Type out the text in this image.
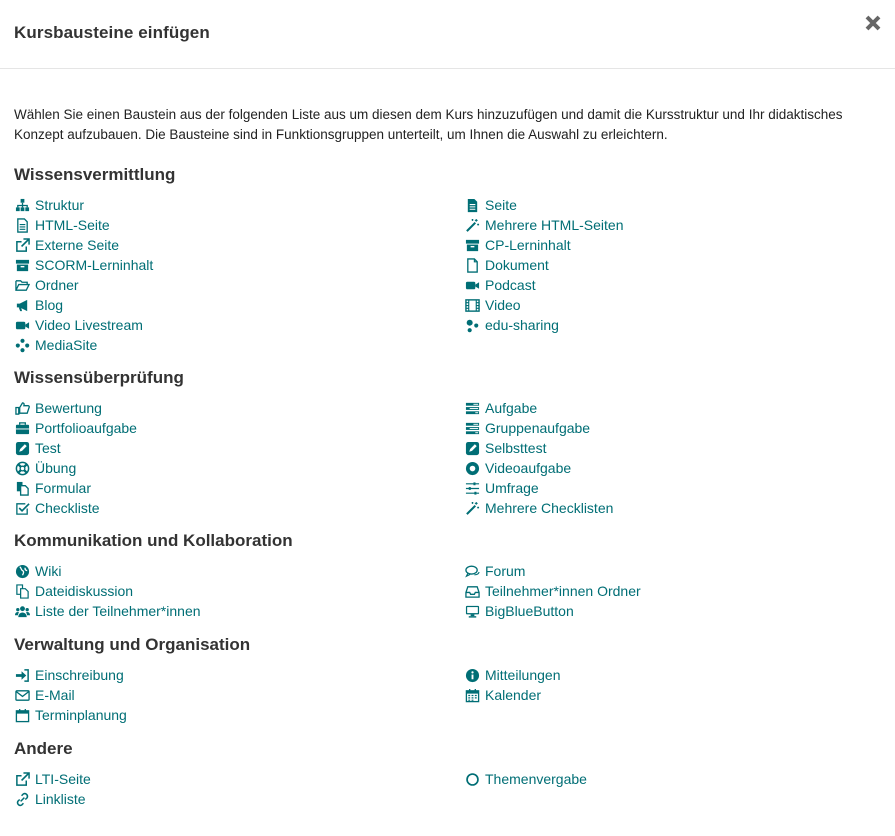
Kursbausteine einfügen
Wählen Sie einen Baustein aus der folgenden Liste aus um diesen dem Kurs hinzuzufügen und damit die Kursstruktur und Ihr didaktisches Konzept aufzubauen. Die Bausteine sind in Funktionsgruppen unterteilt, um Ihnen die Auswahl zu erleichtern.
Wissensvermittlung
Struktur
HTML-Seite
Externe Seite
SCORM-Lerninhalt
Ordner
Blog
Video Livestream
MediaSite
Seite
Mehrere HTML-Seiten
CP-Lerninhalt
Dokument
Podcast
Video
edu-sharing
Wissensüberprüfung
Bewertung
Portfolioaufgabe
Test
Übung
Formular
Checkliste
Aufgabe
Gruppenaufgabe
Selbsttest
Videoaufgabe
Umfrage
Mehrere Checklisten
Kommunikation und Kollaboration
Wiki
Dateidiskussion
Liste der Teilnehmer*innen
Forum
Teilnehmer*innen Ordner
BigBlueButton
Verwaltung und Organisation
Einschreibung
E-Mail
Terminplanung
Mitteilungen
Kalender
Andere
LTI-Seite
Linkliste
Themenvergabe
